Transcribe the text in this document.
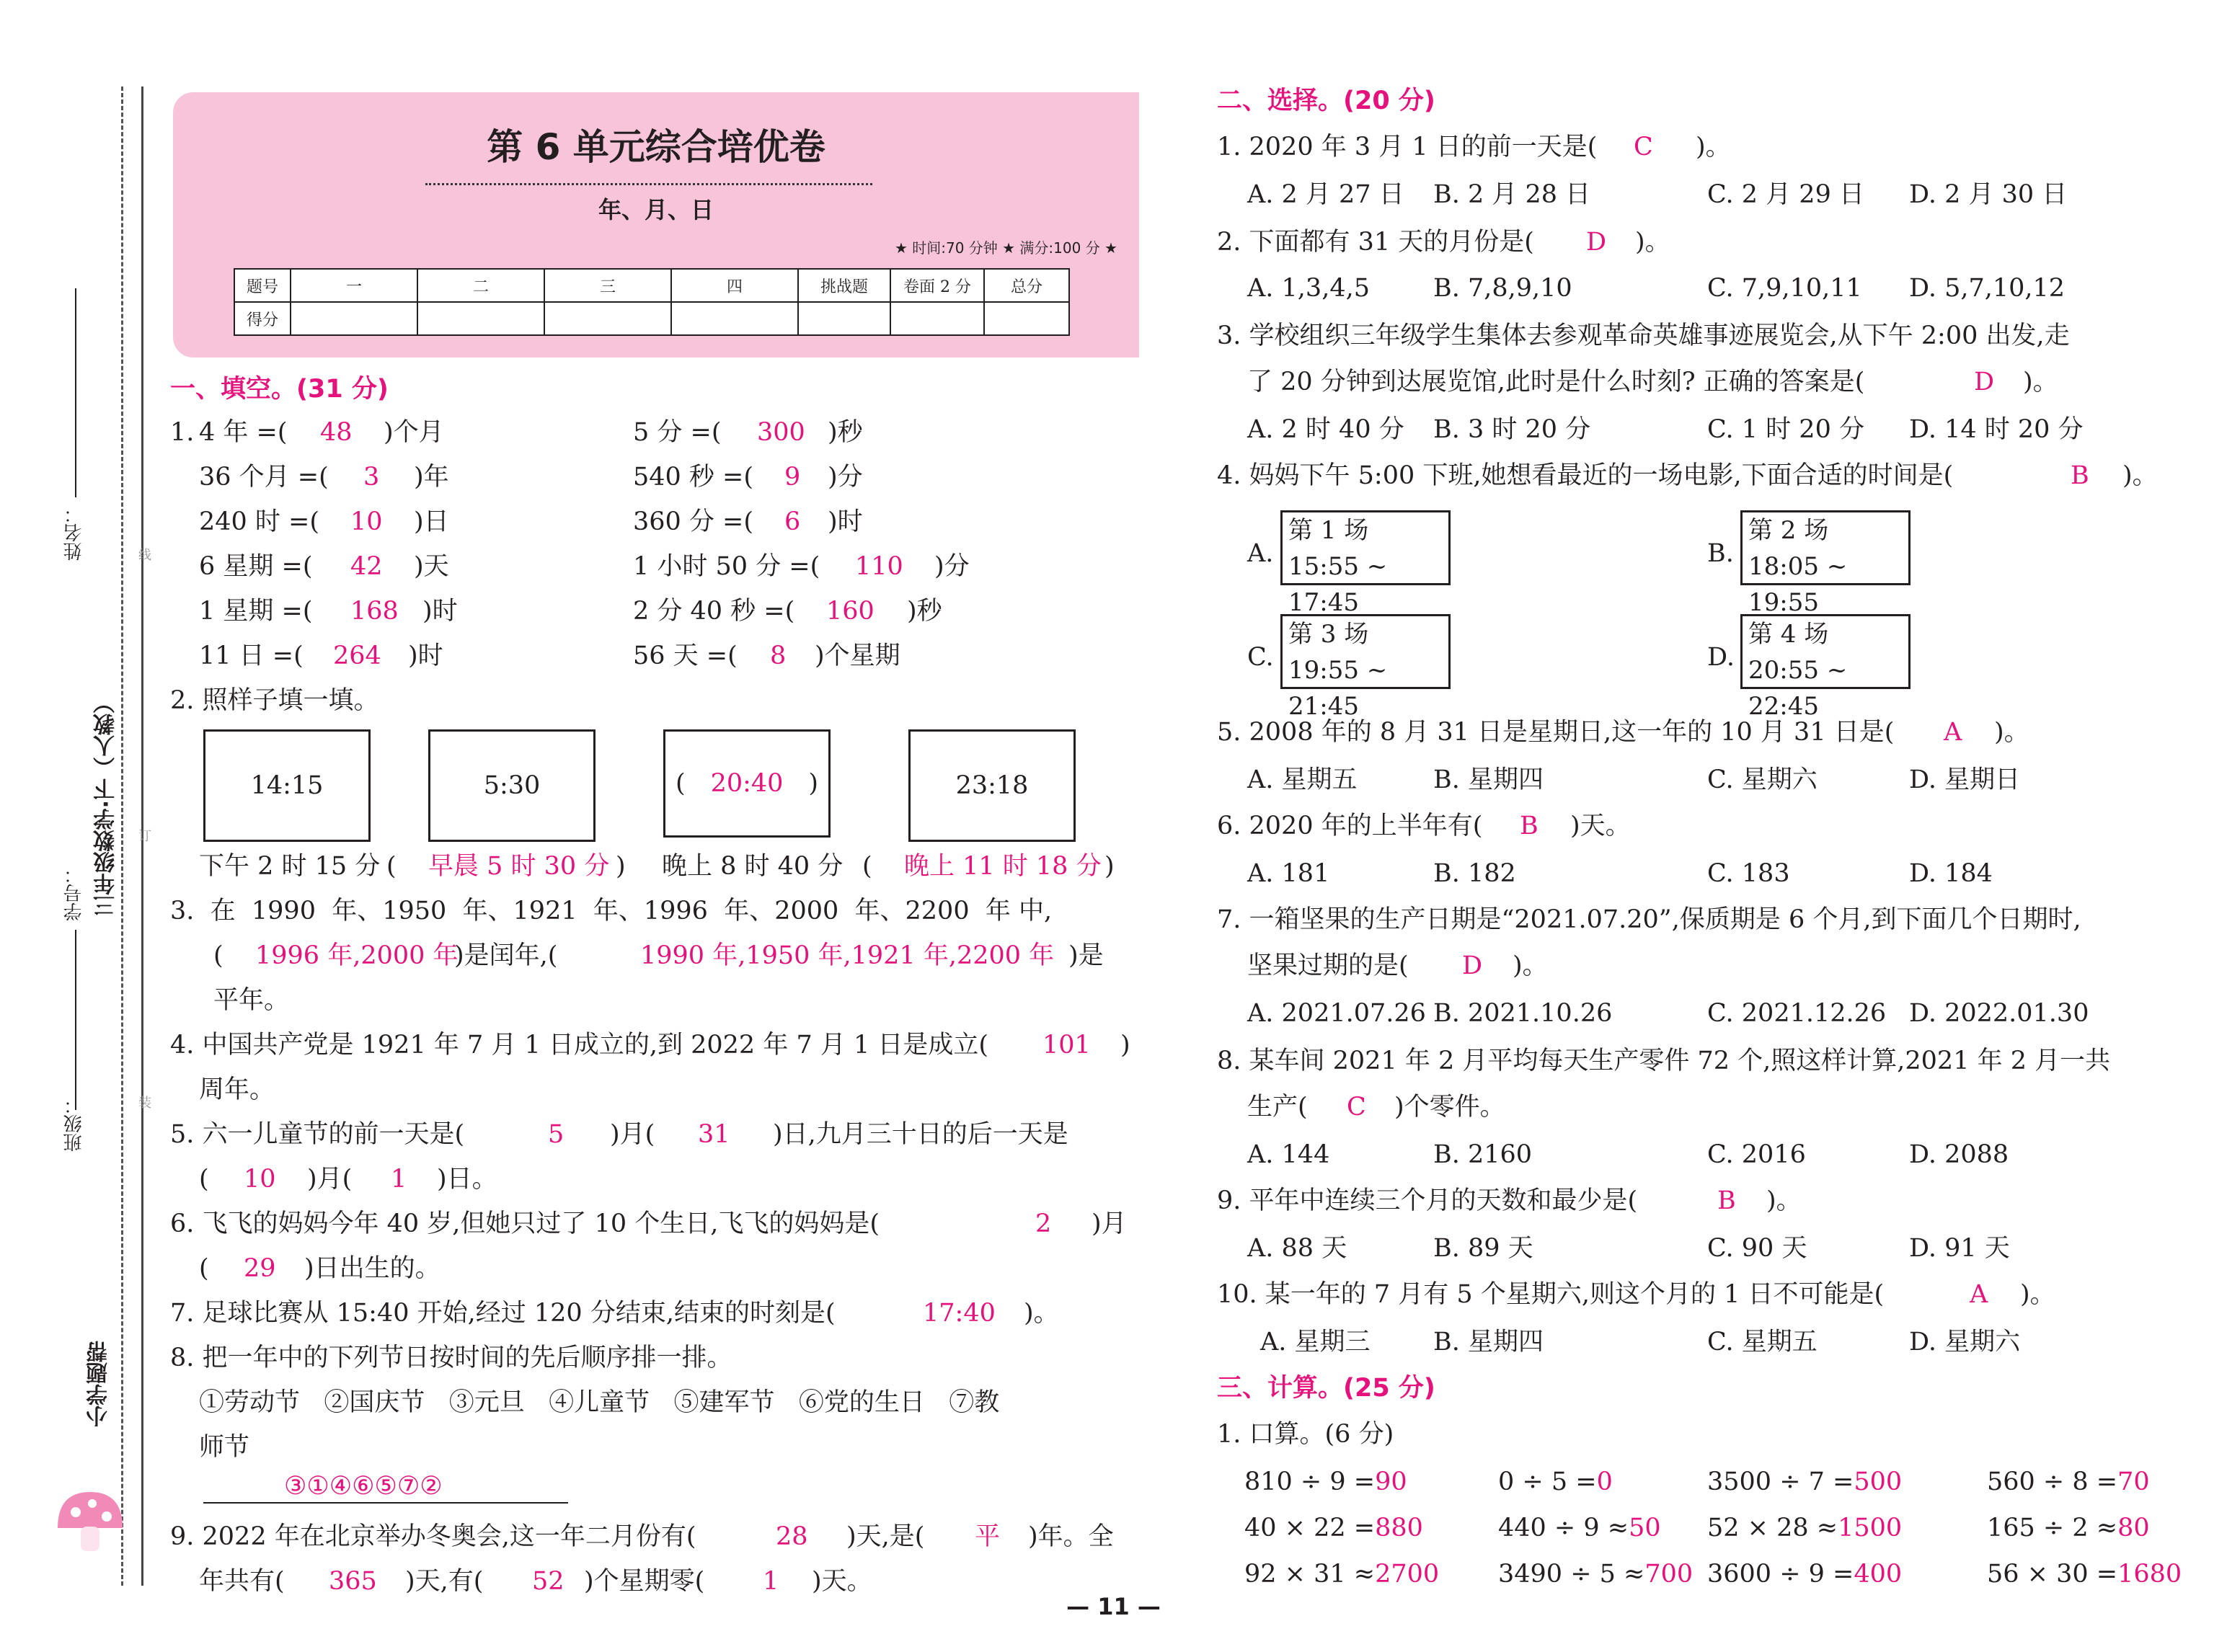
姓名：
学号：
班级：
三年级数学·下（人教）
小学题帮
线
订
装
第 6 单元综合培优卷
年、月、日
★ 时间:70 分钟 ★ 满分:100 分 ★
题号	一	二	三	四	挑战题	卷面 2 分	总分
得分							
一、填空。(31 分)
1. 4 年 =( 48 )个月
36 个月 =( 3 )年
240 时 =( 10 )日
6 星期 =( 42 )天
1 星期 =( 168 )时
11 日 =( 264 )时
5 分 =( 300 )秒
540 秒 =( 9 )分
360 分 =( 6 )时
1 小时 50 分 =( 110 )分
2 分 40 秒 =( 160 )秒
56 天 =( 8 )个星期
2. 照样子填一填。
14:15	5:30	( 20:40 )	23:18
下午 2 时 15 分 ( 早晨 5 时 30 分 ) 晚上 8 时 40 分 ( 晚上 11 时 18 分 )
3.  在  1990  年、1950  年、1921  年、1996  年、2000  年、2200  年 中,
( 1996 年,2000 年
)是闰年,(	1990 年,1950 年,1921 年,2200 年 )是
平年。
4. 中国共产党是 1921 年 7 月 1 日成立的,到 2022 年 7 月 1 日是成立( 101 )
周年。
5. 六一儿童节的前一天是(	5 )月( 31 )日,九月三十日的后一天是
( 10 )月( 1 )日。
6. 飞飞的妈妈今年 40 岁,但她只过了 10 个生日,飞飞的妈妈是(	2 )月
( 29 )日出生的。
7. 足球比赛从 15:40 开始,经过 120 分结束,结束的时刻是(	17:40 )。
8. 把一年中的下列节日按时间的先后顺序排一排。
①劳动节   ②国庆节   ③元旦   ④儿童节   ⑤建军节   ⑥党的生日   ⑦教
师节
③①④⑥⑤⑦②
9. 2022 年在北京举办冬奥会,这一年二月份有(	28 )天,是( 平 )年。全
年共有( 365 )天,有( 52 )个星期零( 1 )天。
二、选择。(20 分)
1. 2020 年 3 月 1 日的前一天是( C )。
A. 2 月 27 日 B. 2 月 28 日	C. 2 月 29 日 D. 2 月 30 日
2. 下面都有 31 天的月份是( D )。
A. 1,3,4,5	B. 7,8,9,10	C. 7,9,10,11 D. 5,7,10,12
3. 学校组织三年级学生集体去参观革命英雄事迹展览会,从下午 2:00 出发,走
了 20 分钟到达展览馆,此时是什么时刻? 正确的答案是(	D )。
A. 2 时 40 分 B. 3 时 20 分	C. 1 时 20 分 D. 14 时 20 分
4. 妈妈下午 5:00 下班,她想看最近的一场电影,下面合适的时间是(	B )。
A.
第 1 场
15:55 ~ 17:45
B.
第 2 场
18:05 ~ 19:55
C.
第 3 场
19:55 ~ 21:45
D.
第 4 场
20:55 ~ 22:45
5. 2008 年的 8 月 31 日是星期日,这一年的 10 月 31 日是( A )。
A. 星期五	B. 星期四	C. 星期六	D. 星期日
6. 2020 年的上半年有( B )天。
A. 181	B. 182	C. 183	D. 184
7. 一箱坚果的生产日期是“2021.07.20”,保质期是 6 个月,到下面几个日期时,
坚果过期的是( D )。
A. 2021.07.26 B. 2021.10.26	C. 2021.12.26 D. 2022.01.30
8. 某车间 2021 年 2 月平均每天生产零件 72 个,照这样计算,2021 年 2 月一共
生产( C )个零件。
A. 144	B. 2160	C. 2016	D. 2088
9. 平年中连续三个月的天数和最少是(	B )。
A. 88 天	B. 89 天	C. 90 天	D. 91 天
10. 某一年的 7 月有 5 个星期六,则这个月的 1 日不可能是(	A )。
A. 星期三 B. 星期四	C. 星期五	D. 星期六
三、计算。(25 分)
1. 口算。(6 分)
810 ÷ 9 =90	0 ÷ 5 =0	3500 ÷ 7 =500	560 ÷ 8 =70
40 × 22 =880	440 ÷ 9 ≈50 52 × 28 ≈1500	165 ÷ 2 ≈80
92 × 31 ≈2700 3490 ÷ 5 ≈700 3600 ÷ 9 =400	56 × 30 =1680
— 11 —
